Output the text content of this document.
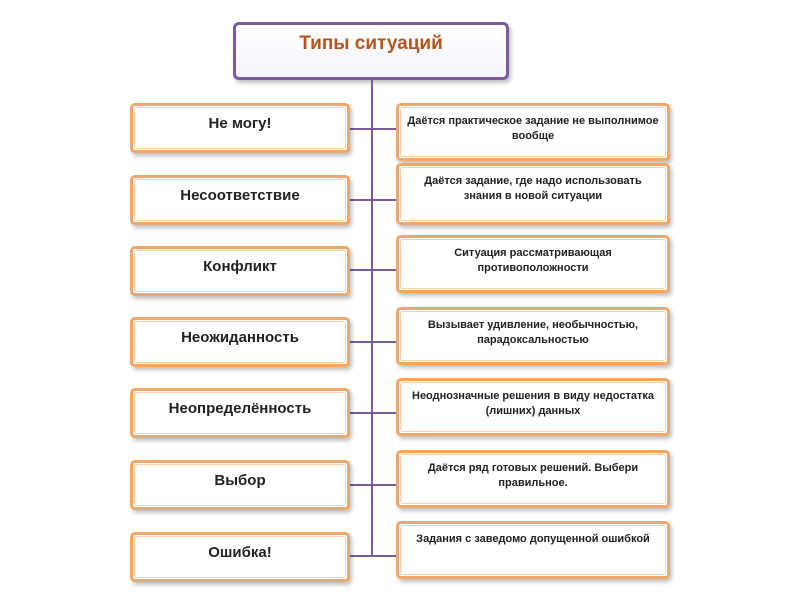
Типы ситуаций
Не могу!	Даётся практическое задание не выполнимое вообще
Несоответствие
Даётся задание, где надо использовать знания в новой ситуации
Конфликт
Ситуация рассматривающая противоположности
Неожиданность
Вызывает удивление, необычностью, парадоксальностью
Неопределённость
Неоднозначные решения в виду недостатка (лишних) данных
Выбор
Даётся ряд готовых решений. Выбери правильное.
Ошибка!
Задания с заведомо допущенной ошибкой
